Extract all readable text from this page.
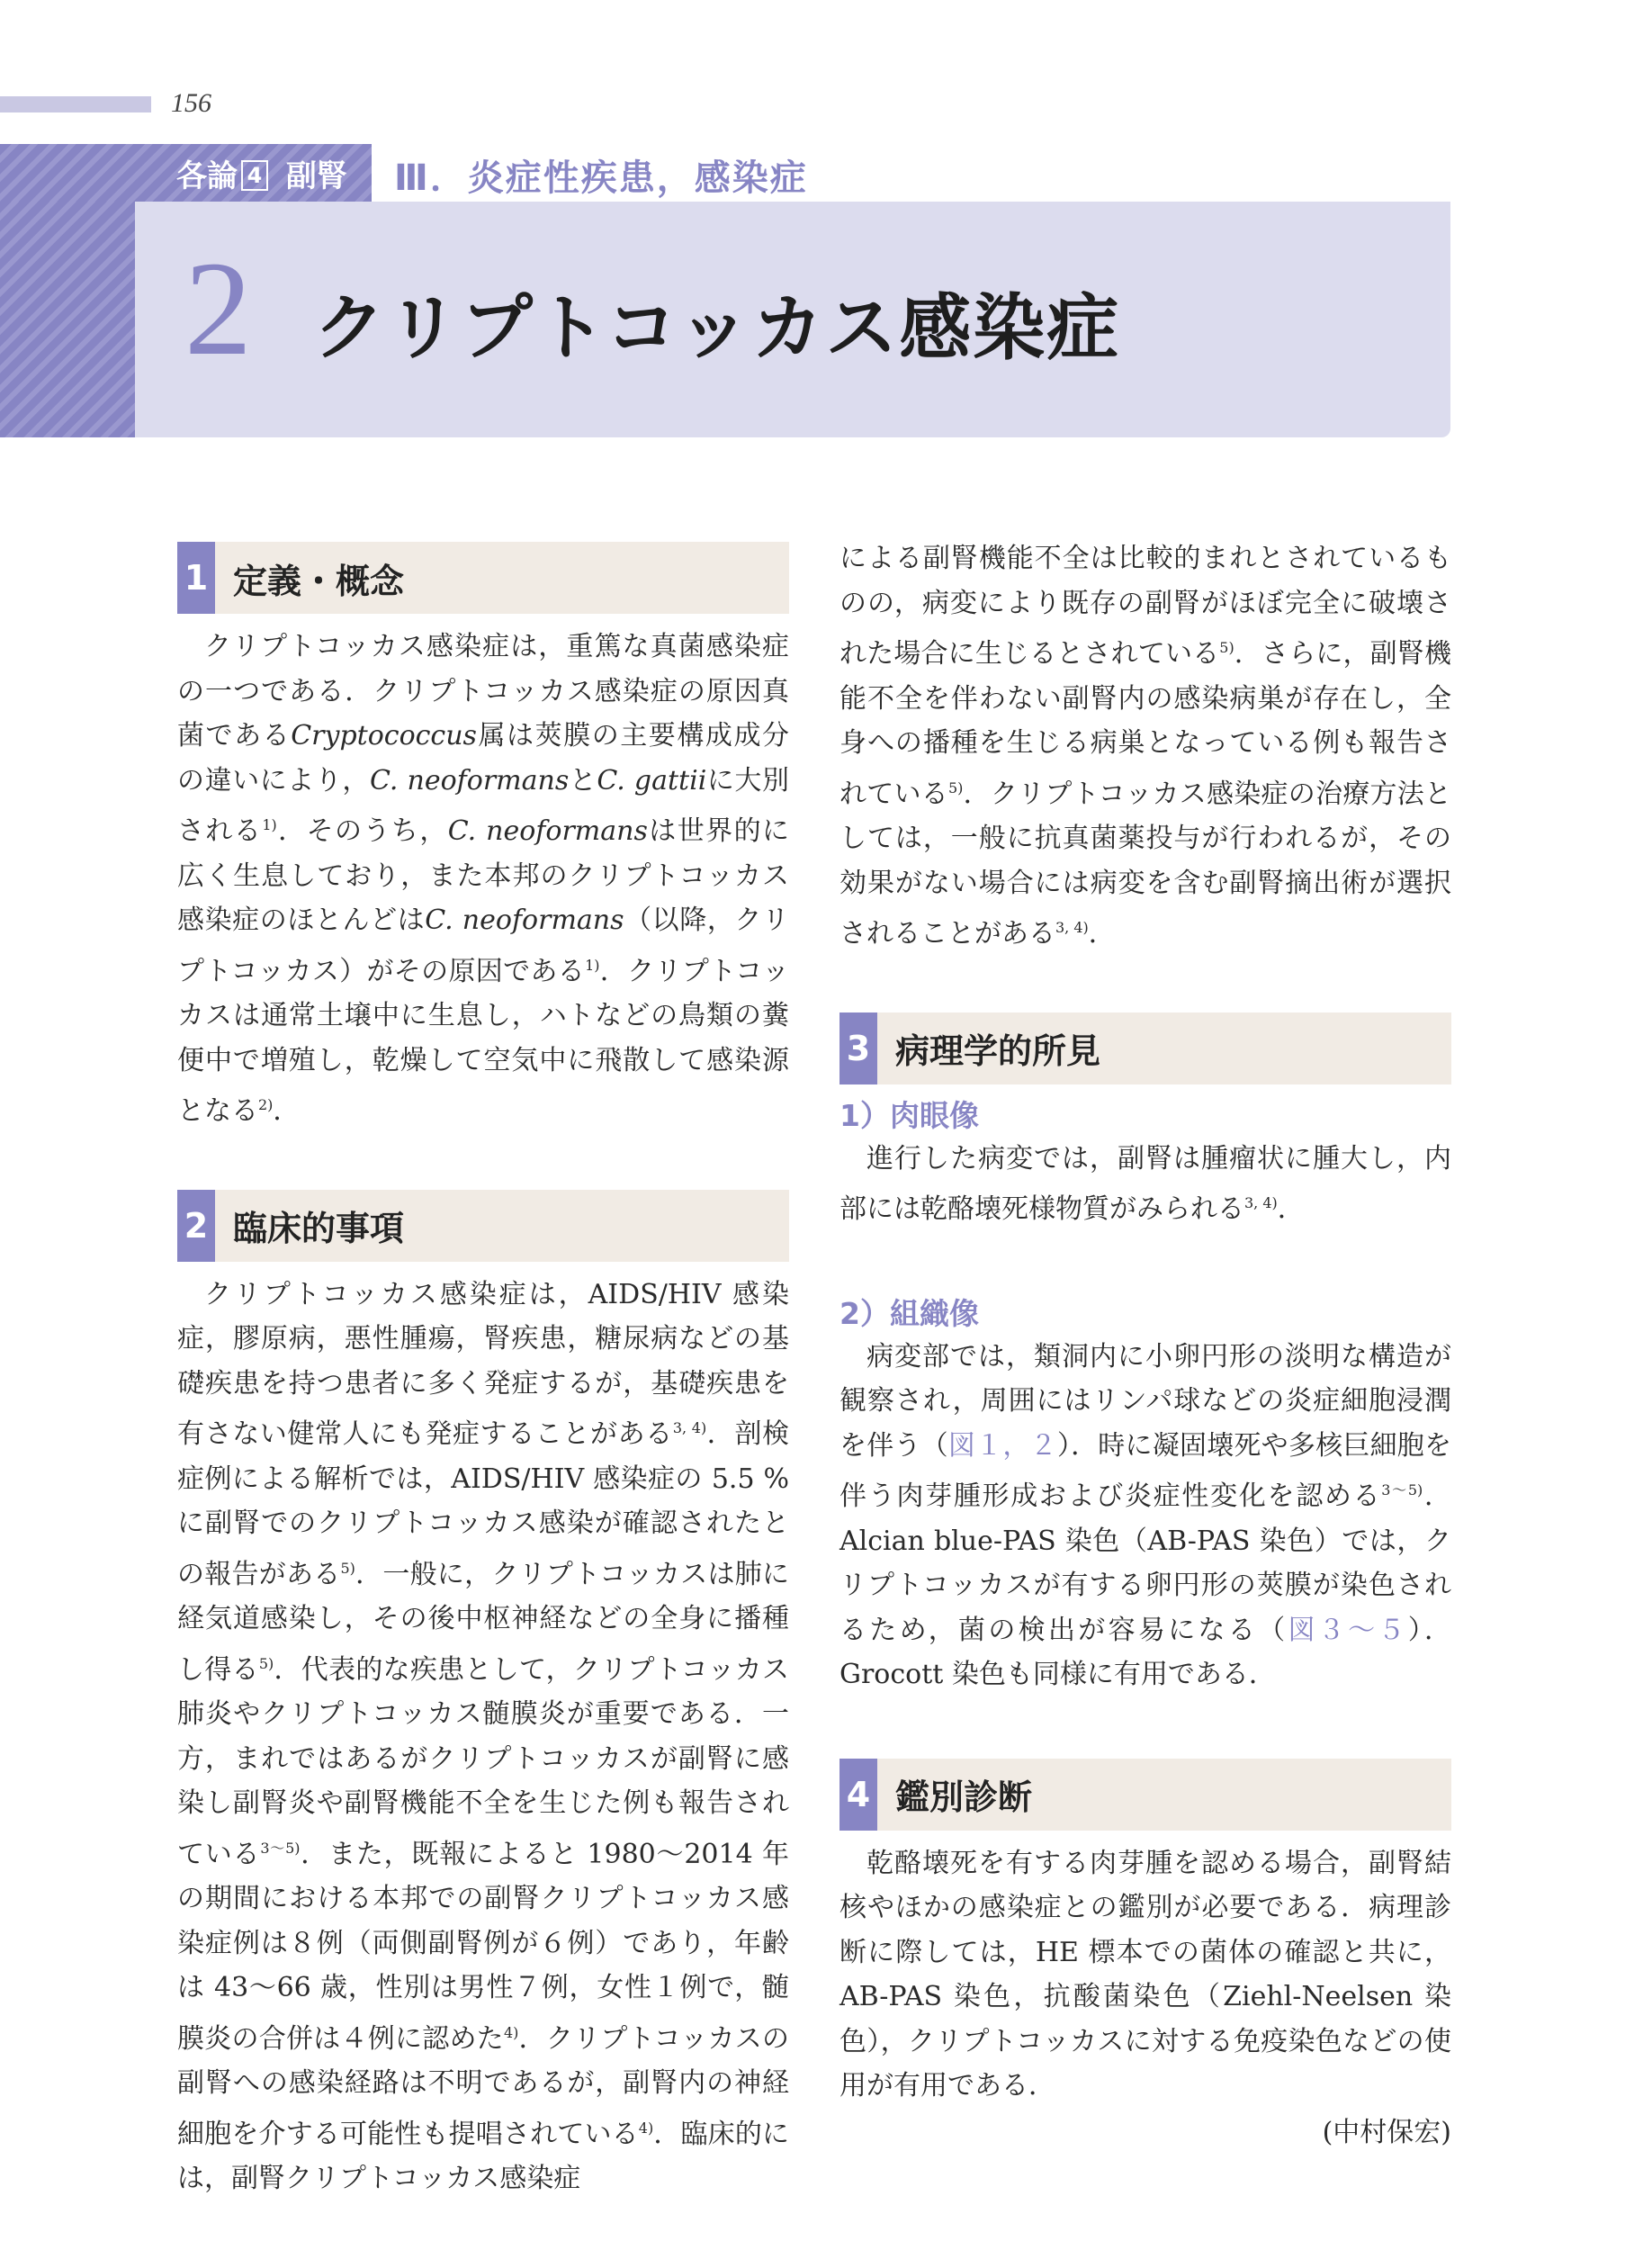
156
各論 4 副腎 Ⅲ．炎症性疾患，感染症
2 クリプトコッカス感染症
1 定義・概念

クリプトコッカス感染症は，重篤な真菌感染症の一つである．クリプトコッカス感染症の原因真菌であるCryptococcus属は莢膜の主要構成成分の違いにより，C. neoformansとC. gattiiに大別される$^{1)}$．そのうち，C. neoformansは世界的に広く生息しており，また本邦のクリプトコッカス感染症のほとんどはC. neoformans（以降，クリプトコッカス）がその原因である$^{1)}$．クリプトコッカスは通常土壌中に生息し，ハトなどの鳥類の糞便中で増殖し，乾燥して空気中に飛散して感染源となる$^{2)}$．

2 臨床的事項

クリプトコッカス感染症は，AIDS/HIV 感染症，膠原病，悪性腫瘍，腎疾患，糖尿病などの基礎疾患を持つ患者に多く発症するが，基礎疾患を有さない健常人にも発症することがある$^{3, 4)}$．剖検症例による解析では，AIDS/HIV 感染症の 5.5 %に副腎でのクリプトコッカス感染が確認されたとの報告がある$^{5)}$．一般に，クリプトコッカスは肺に経気道感染し，その後中枢神経などの全身に播種し得る$^{5)}$．代表的な疾患として，クリプトコッカス肺炎やクリプトコッカス髄膜炎が重要である．一方，まれではあるがクリプトコッカスが副腎に感染し副腎炎や副腎機能不全を生じた例も報告されている$^{3〜5)}$．また，既報によると 1980〜2014 年の期間における本邦での副腎クリプトコッカス感染症例は８例（両側副腎例が６例）であり，年齢は 43〜66 歳，性別は男性７例，女性１例で，髄膜炎の合併は４例に認めた$^{4)}$．クリプトコッカスの副腎への感染経路は不明であるが，副腎内の神経細胞を介する可能性も提唱されている$^{4)}$．臨床的には，副腎クリプトコッカス感染症

による副腎機能不全は比較的まれとされているものの，病変により既存の副腎がほぼ完全に破壊された場合に生じるとされている$^{5)}$．さらに，副腎機能不全を伴わない副腎内の感染病巣が存在し，全身への播種を生じる病巣となっている例も報告されている$^{5)}$．クリプトコッカス感染症の治療方法としては，一般に抗真菌薬投与が行われるが，その効果がない場合には病変を含む副腎摘出術が選択されることがある$^{3, 4)}$．

3 病理学的所見
1）肉眼像

進行した病変では，副腎は腫瘤状に腫大し，内部には乾酪壊死様物質がみられる$^{3, 4)}$．

2）組織像

病変部では，類洞内に小卵円形の淡明な構造が観察され，周囲にはリンパ球などの炎症細胞浸潤を伴う（図１，２）．時に凝固壊死や多核巨細胞を伴う肉芽腫形成および炎症性変化を認める$^{3〜5)}$．Alcian blue-PAS 染色（AB-PAS 染色）では，クリプトコッカスが有する卵円形の莢膜が染色されるため，菌の検出が容易になる（図３〜５）．Grocott 染色も同様に有用である．

4 鑑別診断

乾酪壊死を有する肉芽腫を認める場合，副腎結核やほかの感染症との鑑別が必要である．病理診断に際しては，HE 標本での菌体の確認と共に，AB-PAS 染色，抗酸菌染色（Ziehl-Neelsen 染色），クリプトコッカスに対する免疫染色などの使用が有用である．

(中村保宏)
